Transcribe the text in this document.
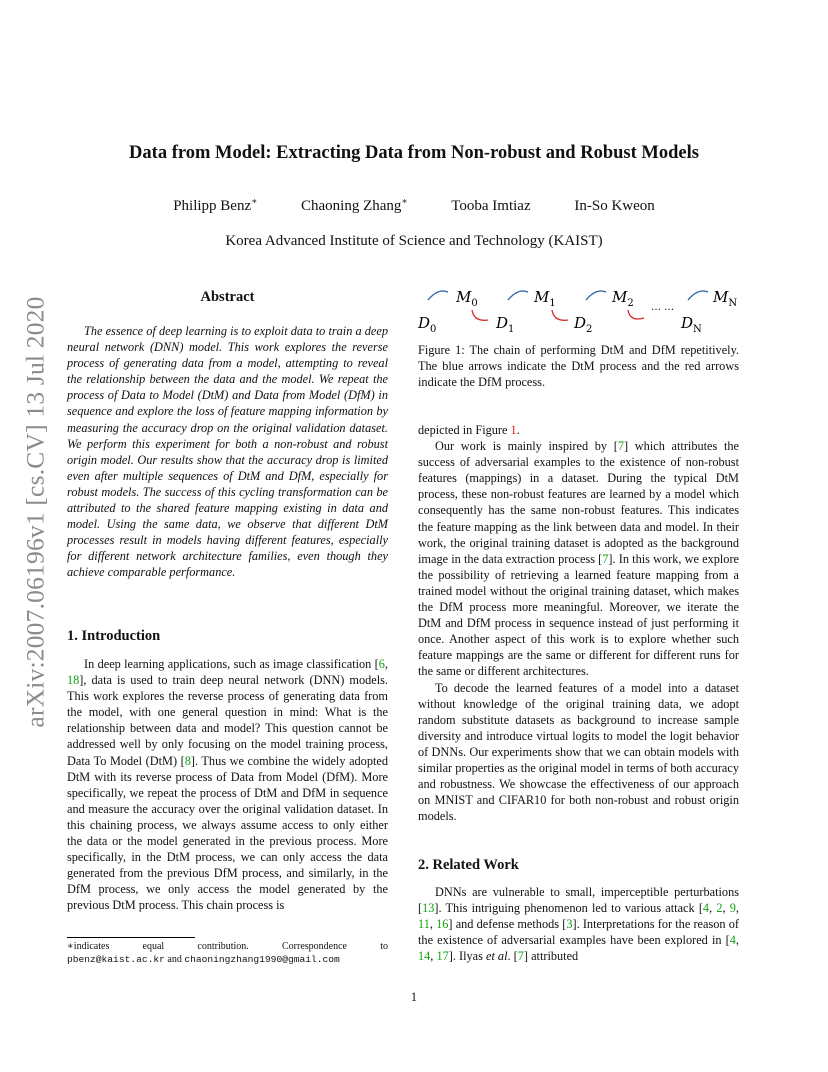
arXiv:2007.06196v1 [cs.CV] 13 Jul 2020
Data from Model: Extracting Data from Non-robust and Robust Models
Philipp Benz∗	Chaoning Zhang∗	Tooba Imtiaz	In-So Kweon
Korea Advanced Institute of Science and Technology (KAIST)
Abstract

The essence of deep learning is to exploit data to train a deep neural network (DNN) model. This work explores the reverse process of generating data from a model, attempting to reveal the relationship between the data and the model. We repeat the process of Data to Model (DtM) and Data from Model (DfM) in sequence and explore the loss of feature mapping information by measuring the accuracy drop on the original validation dataset. We perform this experiment for both a non-robust and robust origin model. Our results show that the accuracy drop is limited even after multiple sequences of DtM and DfM, especially for robust models. The success of this cycling transformation can be attributed to the shared feature mapping existing in data and model. Using the same data, we observe that different DtM processes result in models having different features, especially for different network architecture families, even though they achieve comparable performance.

1. Introduction

In deep learning applications, such as image classification [6, 18], data is used to train deep neural network (DNN) models. This work explores the reverse process of generating data from the model, with one general question in mind: What is the relationship between data and model? This question cannot be addressed well by only focusing on the model training process, Data To Model (DtM) [8]. Thus we combine the widely adopted DtM with its reverse process of Data from Model (DfM). More specifically, we repeat the process of DtM and DfM in sequence and measure the accuracy over the original validation dataset. In this chaining process, we always assume access to only either the data or the model generated in the previous process. More specifically, in the DtM process, we can only access the data generated from the previous DfM process, and similarly, in the DfM process, we only access the model generated by the previous DtM process. This chain process is

∗indicates	equal	contribution.	Correspondence	to
pbenz@kaist.ac.kr and chaoningzhang1990@gmail.com
$M_0$	$M_1$	$M_2$	$M_N$
$D_0$	$D_1$	$D_2$	$D_N$
… …
Figure 1: The chain of performing DtM and DfM repetitively. The blue arrows indicate the DtM process and the red arrows indicate the DfM process.

depicted in Figure 1.

Our work is mainly inspired by [7] which attributes the success of adversarial examples to the existence of non-robust features (mappings) in a dataset. During the typical DtM process, these non-robust features are learned by a model which consequently has the same non-robust features. This indicates the feature mapping as the link between data and model. In their work, the original training dataset is adopted as the background image in the data extraction process [7]. In this work, we explore the possibility of retrieving a learned feature mapping from a trained model without the original training dataset, which makes the DfM process more meaningful. Moreover, we iterate the DtM and DfM process in sequence instead of just performing it once. Another aspect of this work is to explore whether such feature mappings are the same or different for different runs for the same or different architectures.

To decode the learned features of a model into a dataset without knowledge of the original training data, we adopt random substitute datasets as background to increase sample diversity and introduce virtual logits to model the logit behavior of DNNs. Our experiments show that we can obtain models with similar properties as the original model in terms of both accuracy and robustness. We showcase the effectiveness of our approach on MNIST and CIFAR10 for both non-robust and robust origin models.

2. Related Work

DNNs are vulnerable to small, imperceptible perturbations [13]. This intriguing phenomenon led to various attack [4, 2, 9, 11, 16] and defense methods [3]. Interpretations for the reason of the existence of adversarial examples have been explored in [4, 14, 17]. Ilyas et al. [7] attributed

1
